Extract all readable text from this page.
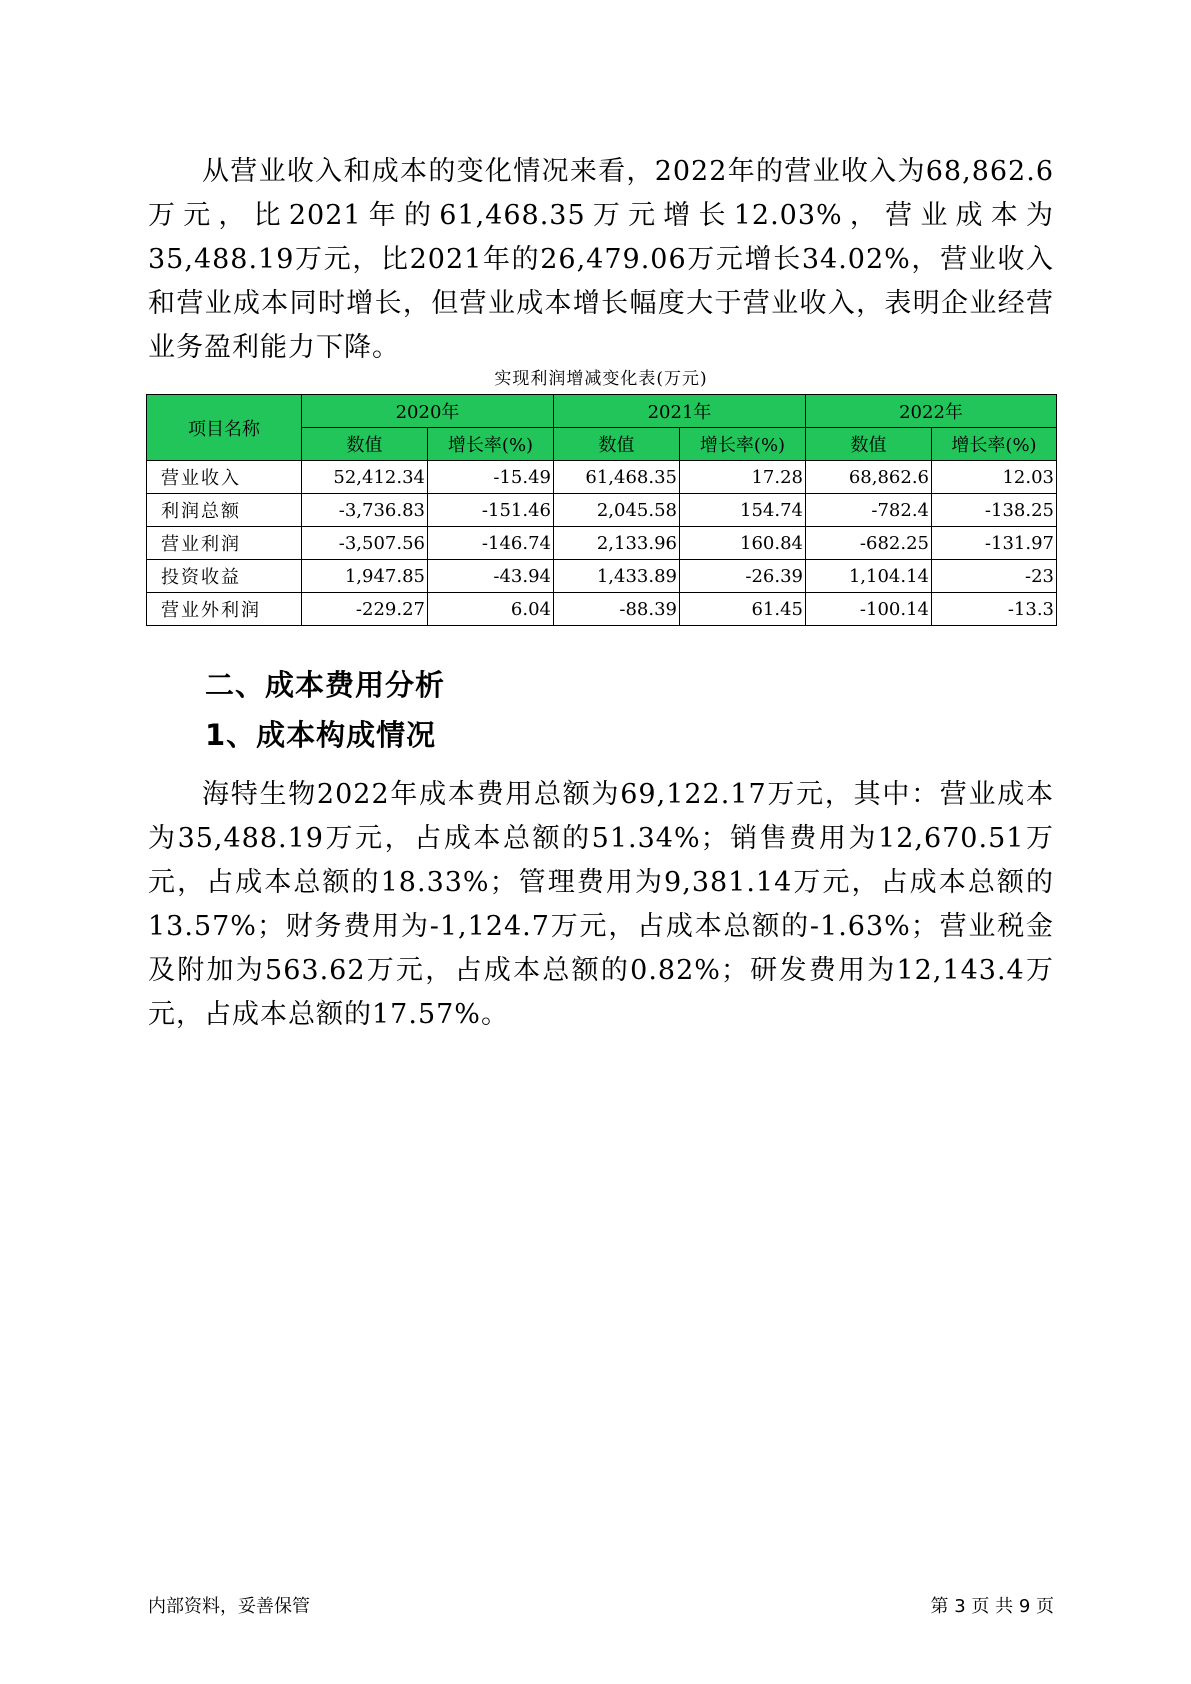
从营业收入和成本的变化情况来看，2022年的营业收入为68,862.6万元，比2021年的61,468.35万元增长12.03%，营业成本为35,488.19万元，比2021年的26,479.06万元增长34.02%，营业收入和营业成本同时增长，但营业成本增长幅度大于营业收入，表明企业经营业务盈利能力下降。

实现利润增减变化表(万元)
项目名称	2020年		2021年		2022年	
	数值	增长率(%)	数值	增长率(%)	数值	增长率(%)
营业收入	52,412.34	-15.49	61,468.35	17.28	68,862.6	12.03
利润总额	-3,736.83	-151.46	2,045.58	154.74	-782.4	-138.25
营业利润	-3,507.56	-146.74	2,133.96	160.84	-682.25	-131.97
投资收益	1,947.85	-43.94	1,433.89	-26.39	1,104.14	-23
营业外利润	-229.27	6.04	-88.39	61.45	-100.14	-13.3
二、成本费用分析
1、成本构成情况

海特生物2022年成本费用总额为69,122.17万元，其中：营业成本为35,488.19万元，占成本总额的51.34%；销售费用为12,670.51万元，占成本总额的18.33%；管理费用为9,381.14万元，占成本总额的13.57%；财务费用为-1,124.7万元，占成本总额的-1.63%；营业税金及附加为563.62万元，占成本总额的0.82%；研发费用为12,143.4万元，占成本总额的17.57%。

内部资料，妥善保管	第 3 页 共 9 页
